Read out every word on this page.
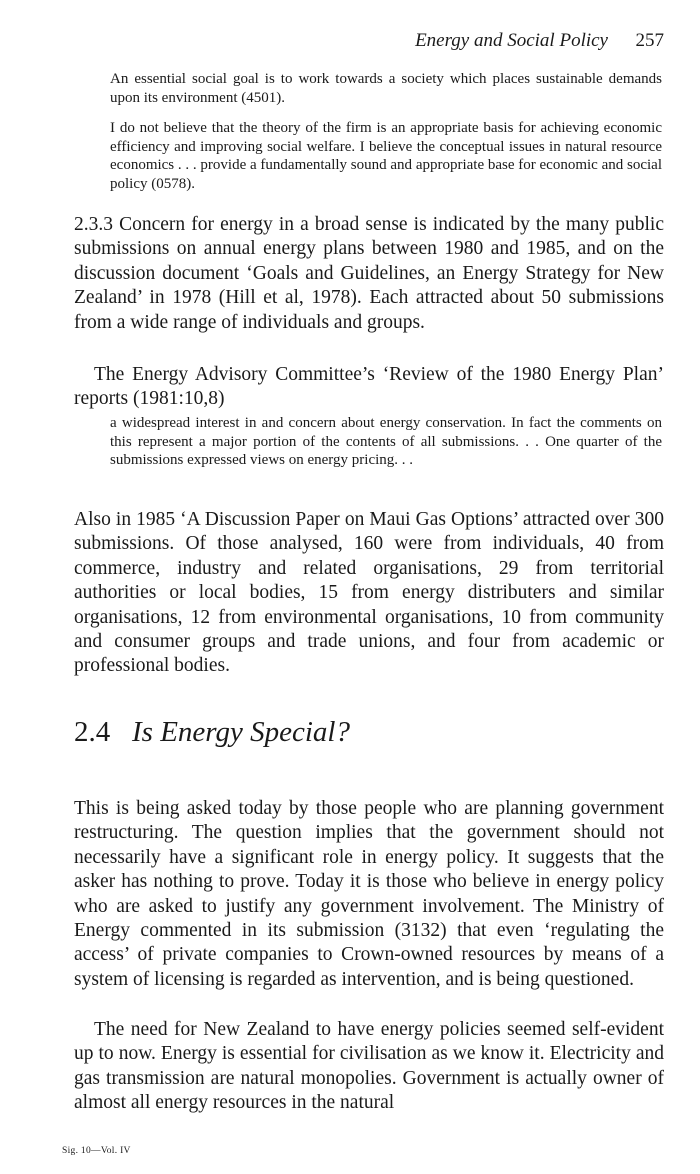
Energy and Social Policy 257

An essential social goal is to work towards a society which places sustainable demands upon its environment (4501).

I do not believe that the theory of the firm is an appropriate basis for achieving economic efficiency and improving social welfare. I believe the conceptual issues in natural resource economics . . . provide a fundamentally sound and appropriate base for economic and social policy (0578).

2.3.3 Concern for energy in a broad sense is indicated by the many public submissions on annual energy plans between 1980 and 1985, and on the discussion document ‘Goals and Guidelines, an Energy Strategy for New Zealand’ in 1978 (Hill et al, 1978). Each attracted about 50 submissions from a wide range of individuals and groups.

The Energy Advisory Committee’s ‘Review of the 1980 Energy Plan’ reports (1981:10,8)

a widespread interest in and concern about energy conservation. In fact the comments on this represent a major portion of the contents of all submissions. . . One quarter of the submissions expressed views on energy pricing. . .

Also in 1985 ‘A Discussion Paper on Maui Gas Options’ attracted over 300 submissions. Of those analysed, 160 were from individuals, 40 from commerce, industry and related organisations, 29 from territorial authorities or local bodies, 15 from energy distributers and similar organisations, 12 from environmental organisations, 10 from community and consumer groups and trade unions, and four from academic or professional bodies.

2.4 Is Energy Special?

This is being asked today by those people who are planning government restructuring. The question implies that the government should not necessarily have a significant role in energy policy. It suggests that the asker has nothing to prove. Today it is those who believe in energy policy who are asked to justify any government involvement. The Ministry of Energy commented in its submission (3132) that even ‘regulating the access’ of private companies to Crown-owned resources by means of a system of licensing is regarded as intervention, and is being questioned.

The need for New Zealand to have energy policies seemed self-evident up to now. Energy is essential for civilisation as we know it. Electricity and gas transmission are natural monopolies. Government is actually owner of almost all energy resources in the natural

Sig. 10—Vol. IV
